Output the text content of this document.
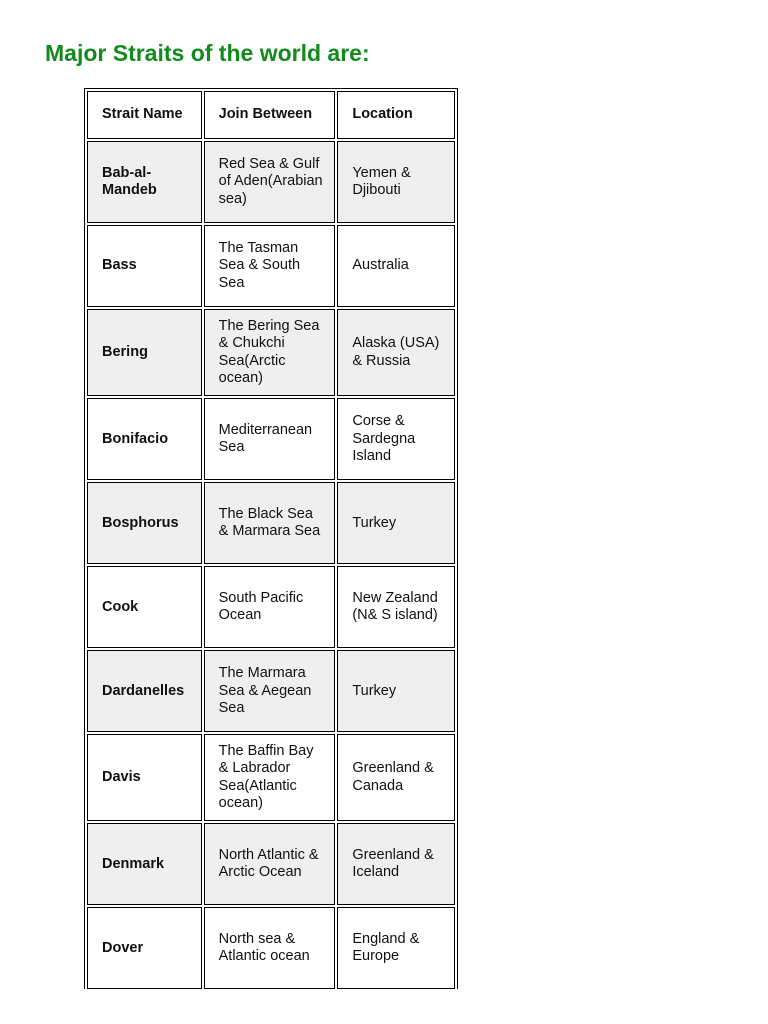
Major Straits of the world are:
Strait Name	Join Between	Location
Bab-al-Mandeb	Red Sea & Gulf of Aden(Arabian sea)	Yemen & Djibouti
Bass	The Tasman Sea & South Sea	Australia
Bering	The Bering Sea & Chukchi Sea(Arctic ocean)	Alaska (USA) & Russia
Bonifacio	Mediterranean Sea	Corse & Sardegna Island
Bosphorus	The Black Sea & Marmara Sea	Turkey
Cook	South Pacific Ocean	New Zealand (N& S island)
Dardanelles	The Marmara Sea & Aegean Sea	Turkey
Davis	The Baffin Bay & Labrador Sea(Atlantic ocean)	Greenland & Canada
Denmark	North Atlantic & Arctic Ocean	Greenland & Iceland
Dover	North sea & Atlantic ocean	England & Europe
